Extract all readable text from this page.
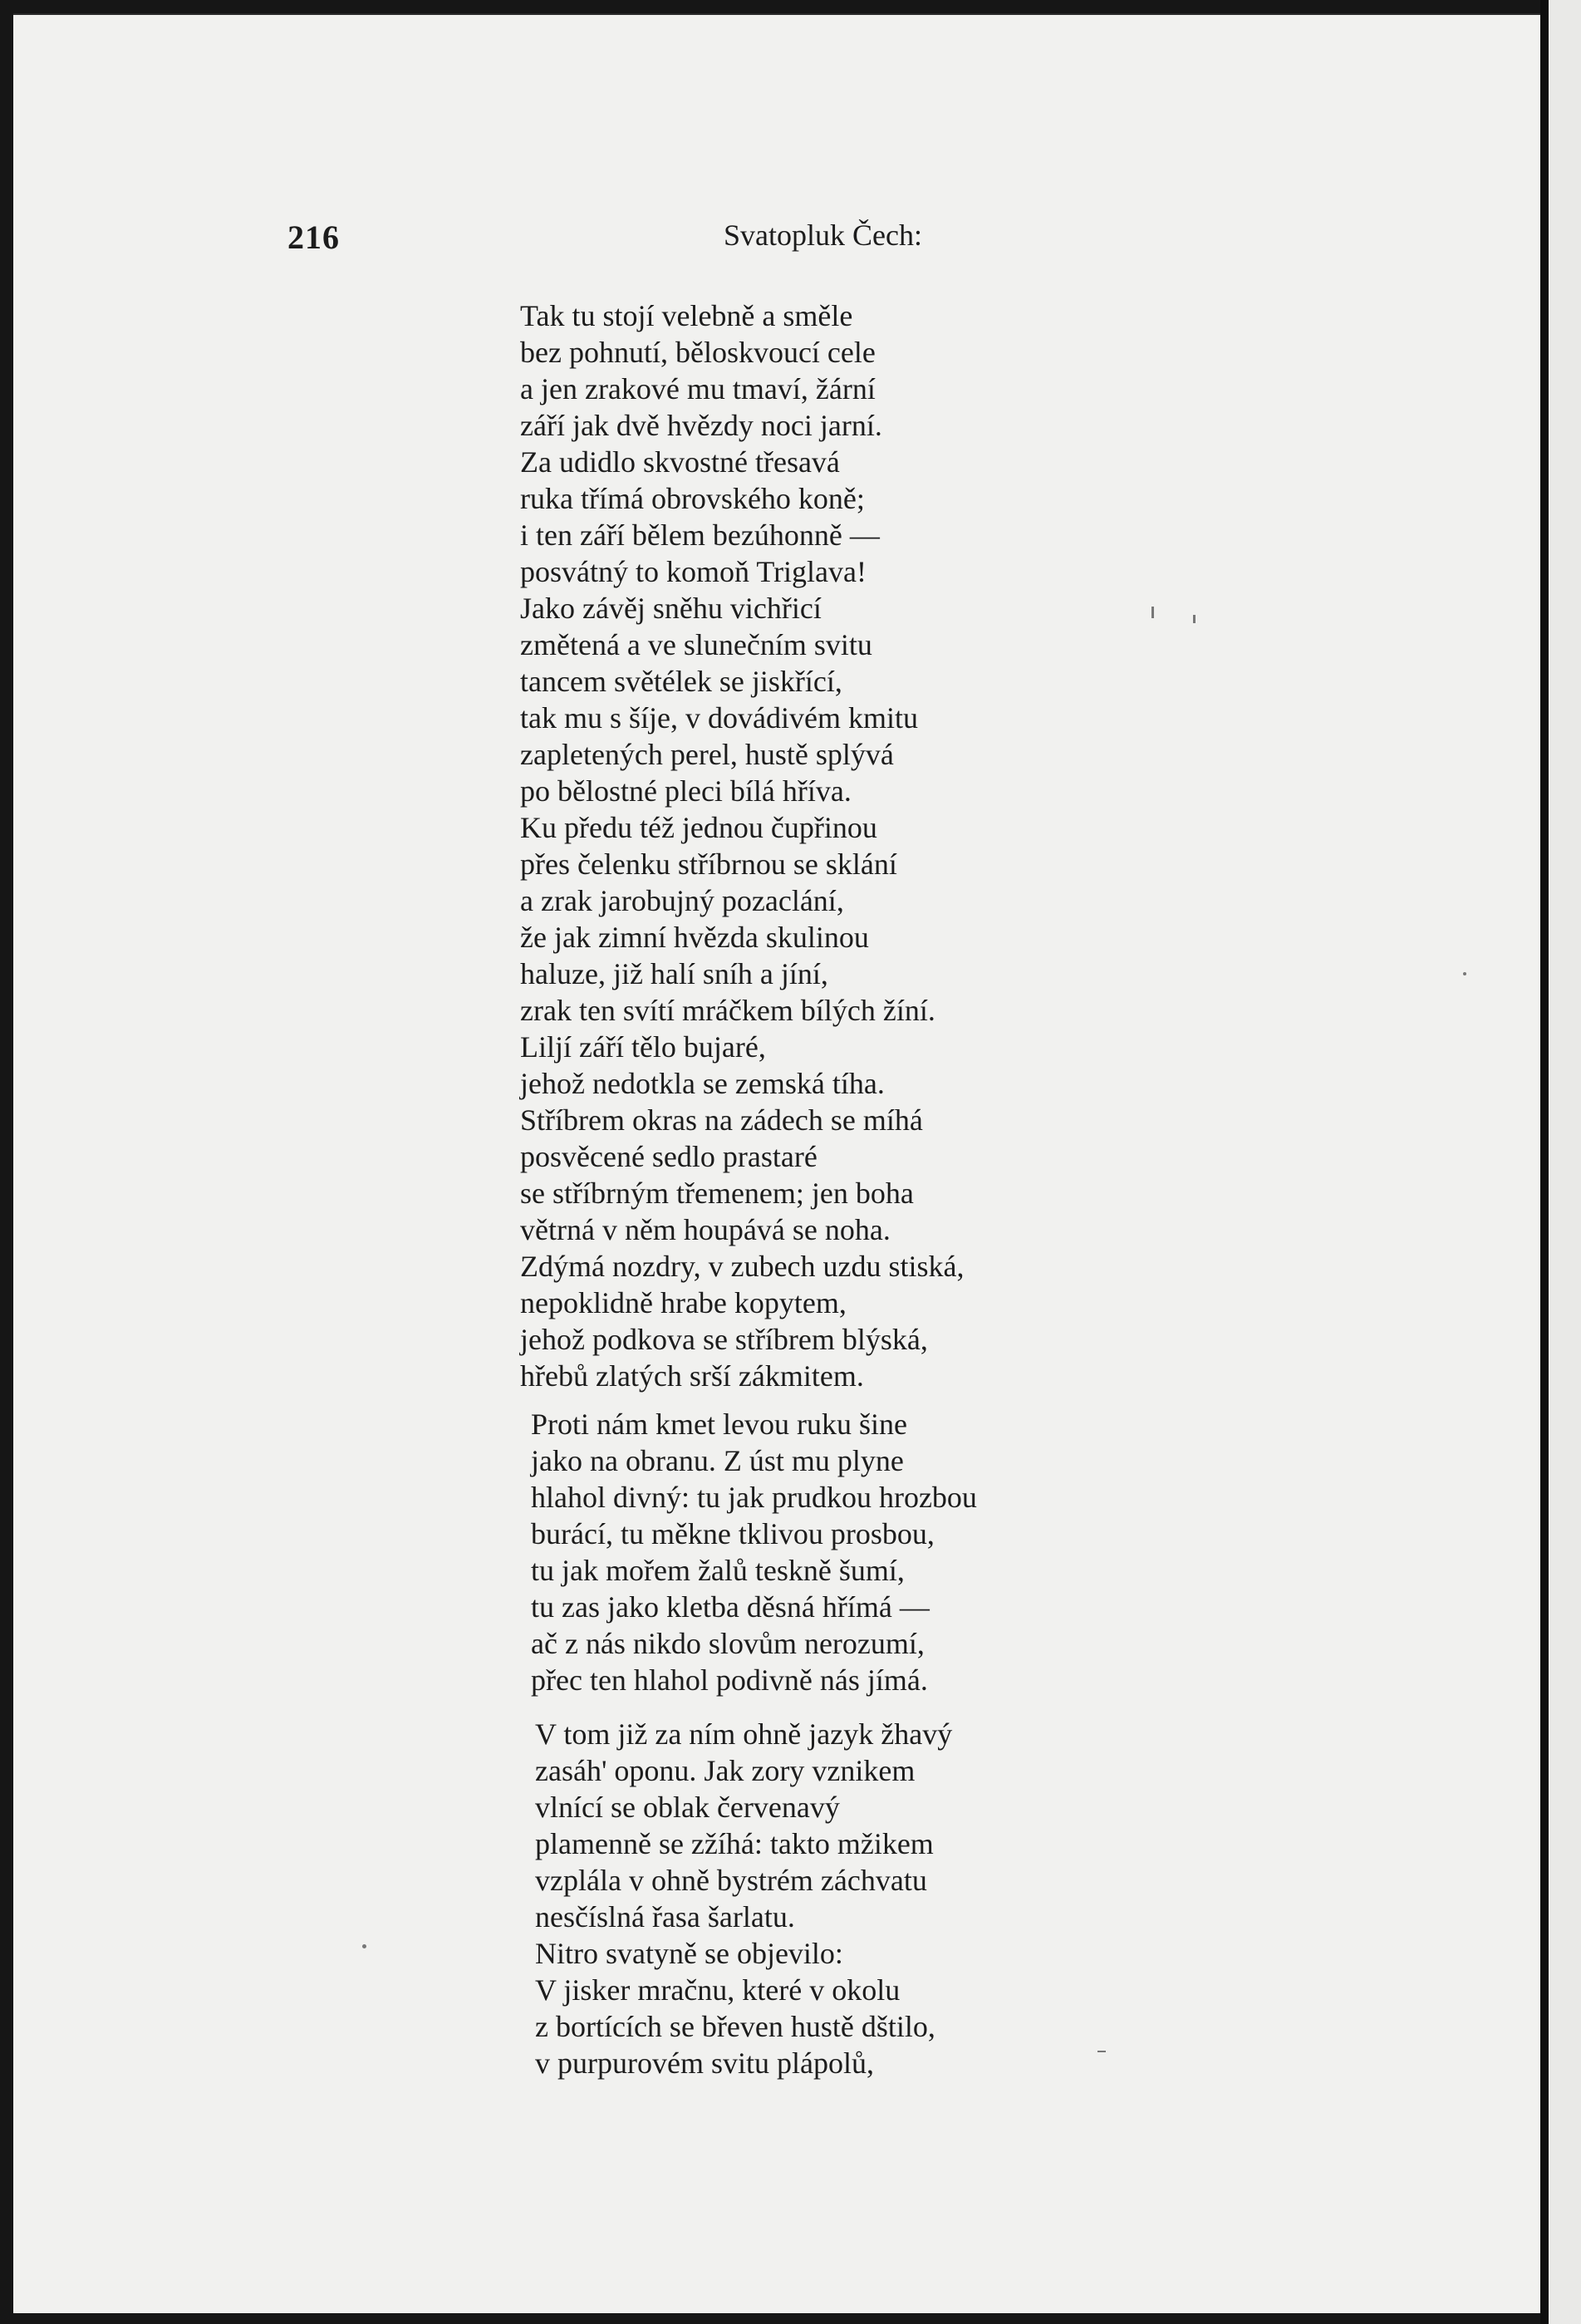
216	Svatopluk Čech:
Tak tu stojí velebně a směle
bez pohnutí, běloskvoucí cele
a jen zrakové mu tmaví, žární
září jak dvě hvězdy noci jarní.
Za udidlo skvostné třesavá
ruka třímá obrovského koně;
i ten září bělem bezúhonně —
posvátný to komoň Triglava!
Jako závěj sněhu vichřicí
změtená a ve slunečním svitu
tancem světélek se jiskřící,
tak mu s šíje, v dovádivém kmitu
zapletených perel, hustě splývá
po bělostné pleci bílá hříva.
Ku předu též jednou čupřinou
přes čelenku stříbrnou se sklání
a zrak jarobujný pozaclání,
že jak zimní hvězda skulinou
haluze, již halí sníh a jíní,
zrak ten svítí mráčkem bílých žíní.
Liljí září tělo bujaré,
jehož nedotkla se zemská tíha.
Stříbrem okras na zádech se míhá
posvěcené sedlo prastaré
se stříbrným třemenem; jen boha
větrná v něm houpává se noha.
Zdýmá nozdry, v zubech uzdu stiská,
nepoklidně hrabe kopytem,
jehož podkova se stříbrem blýská,
hřebů zlatých srší zákmitem.
Proti nám kmet levou ruku šine
jako na obranu. Z úst mu plyne
hlahol divný: tu jak prudkou hrozbou
burácí, tu měkne tklivou prosbou,
tu jak mořem žalů teskně šumí,
tu zas jako kletba děsná hřímá —
ač z nás nikdo slovům nerozumí,
přec ten hlahol podivně nás jímá.
V tom již za ním ohně jazyk žhavý
zasáh' oponu. Jak zory vznikem
vlnící se oblak červenavý
plamenně se zžíhá: takto mžikem
vzplála v ohně bystrém záchvatu
nesčíslná řasa šarlatu.
Nitro svatyně se objevilo:
V jisker mračnu, které v okolu
z bortících se břeven hustě dštilo,
v purpurovém svitu plápolů,
